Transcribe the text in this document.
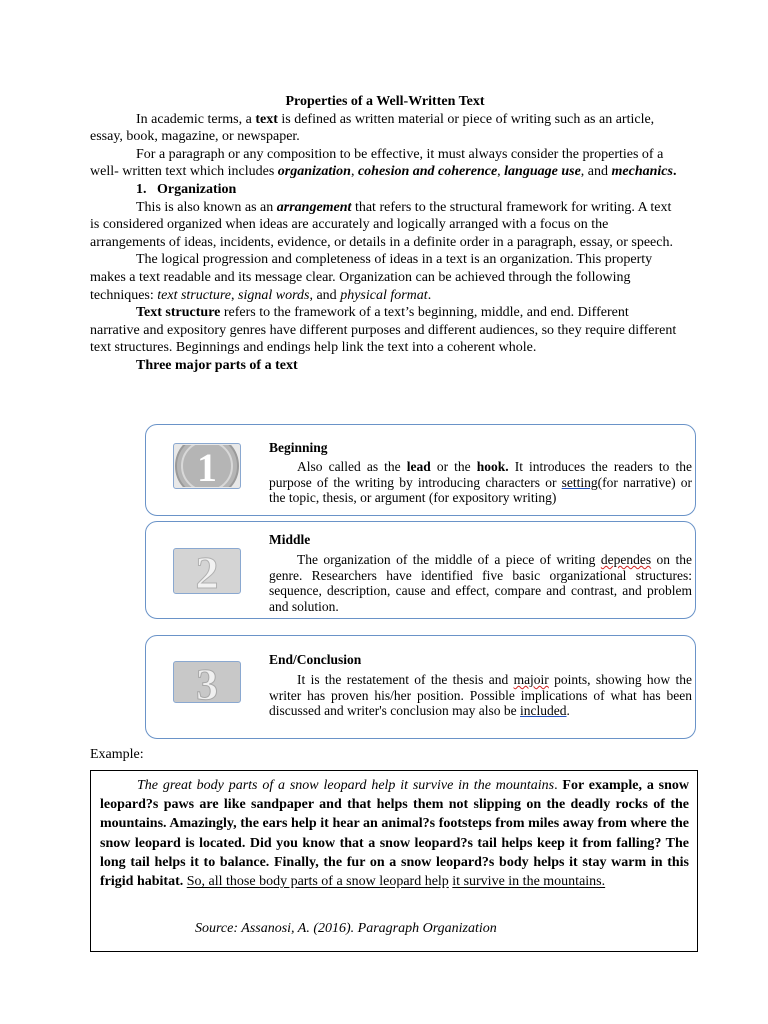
Properties of a Well-Written Text

In academic terms, a text is defined as written material or piece of writing such as an article, essay, book, magazine, or newspaper.

For a paragraph or any composition to be effective, it must always consider the properties of a well- written text which includes organization, cohesion and coherence, language use, and mechanics.

1.   Organization

This is also known as an arrangement that refers to the structural framework for writing. A text is considered organized when ideas are accurately and logically arranged with a focus on the arrangements of ideas, incidents, evidence, or details in a definite order in a paragraph, essay, or speech.

The logical progression and completeness of ideas in a text is an organization. This property makes a text readable and its message clear. Organization can be achieved through the following techniques: text structure, signal words, and physical format.

Text structure refers to the framework of a text’s beginning, middle, and end. Different narrative and expository genres have different purposes and different audiences, so they require different text structures. Beginnings and endings help link the text into a coherent whole.

Three major parts of a text

1	Beginning
Also called as the lead or the hook. It introduces the readers to the purpose of the writing by introducing characters or setting(for narrative) or the topic, thesis, or argument (for expository writing)
2
Middle
The organization of the middle of a piece of writing dependes on the genre. Researchers have identified five basic organizational structures: sequence, description, cause and effect, compare and contrast, and problem and solution.
3
End/Conclusion
It is the restatement of the thesis and majoir points, showing how the writer has proven his/her position. Possible implications of what has been discussed and writer's conclusion may also be included.
Example:
The great body parts of a snow leopard help it survive in the mountains. For example, a snow leopard?s paws are like sandpaper and that helps them not slipping on the deadly rocks of the mountains. Amazingly, the ears help it hear an animal?s footsteps from miles away from where the snow leopard is located. Did you know that a snow leopard?s tail helps keep it from falling? The long tail helps it to balance. Finally, the fur on a snow leopard?s body helps it stay warm in this frigid habitat. So, all those body parts of a snow leopard help it survive in the mountains.
Source: Assanosi, A. (2016). Paragraph Organization
